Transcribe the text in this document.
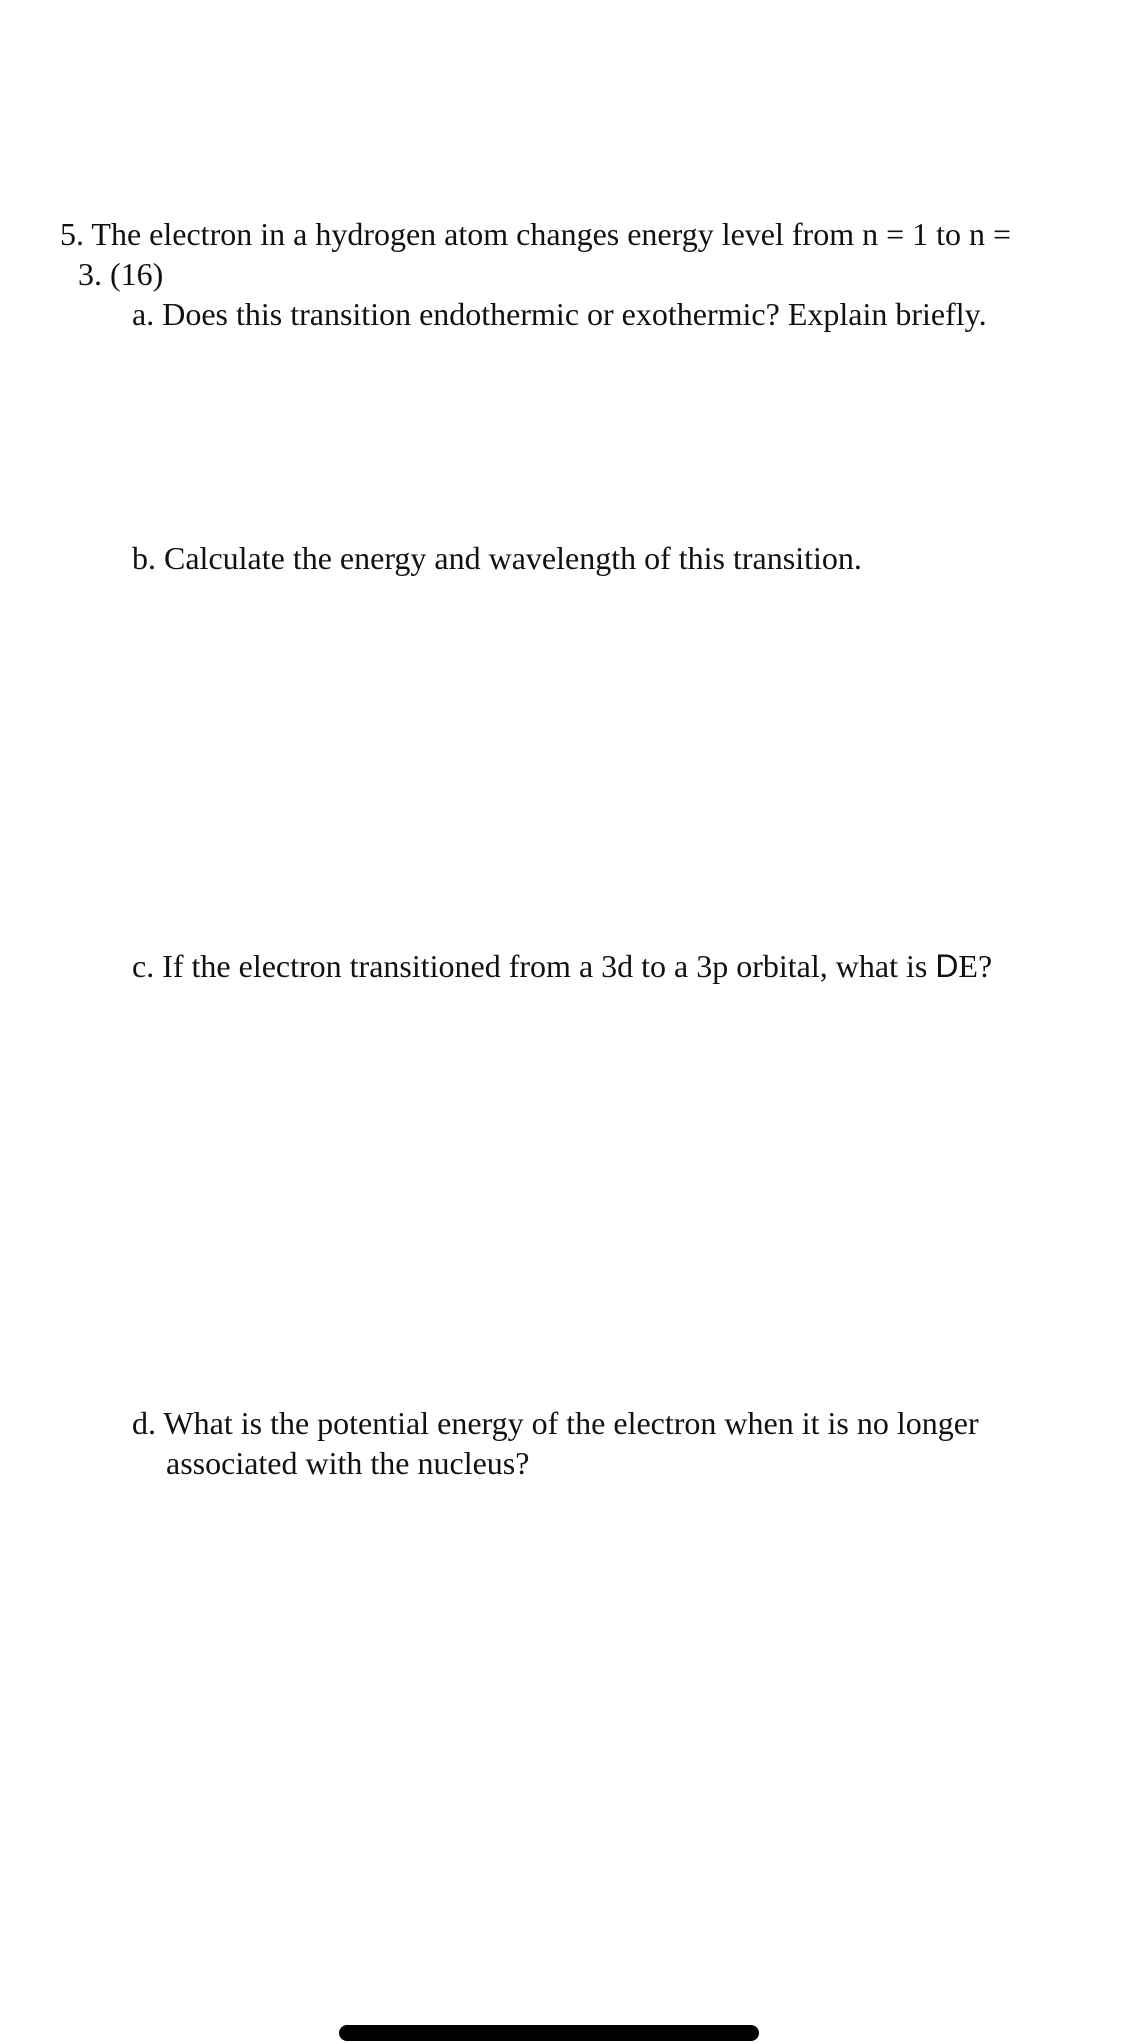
5. The electron in a hydrogen atom changes energy level from n = 1 to n =
3. (16)
a. Does this transition endothermic or exothermic? Explain briefly.
b. Calculate the energy and wavelength of this transition.
c. If the electron transitioned from a 3d to a 3p orbital, what is DE?
d. What is the potential energy of the electron when it is no longer
associated with the nucleus?
